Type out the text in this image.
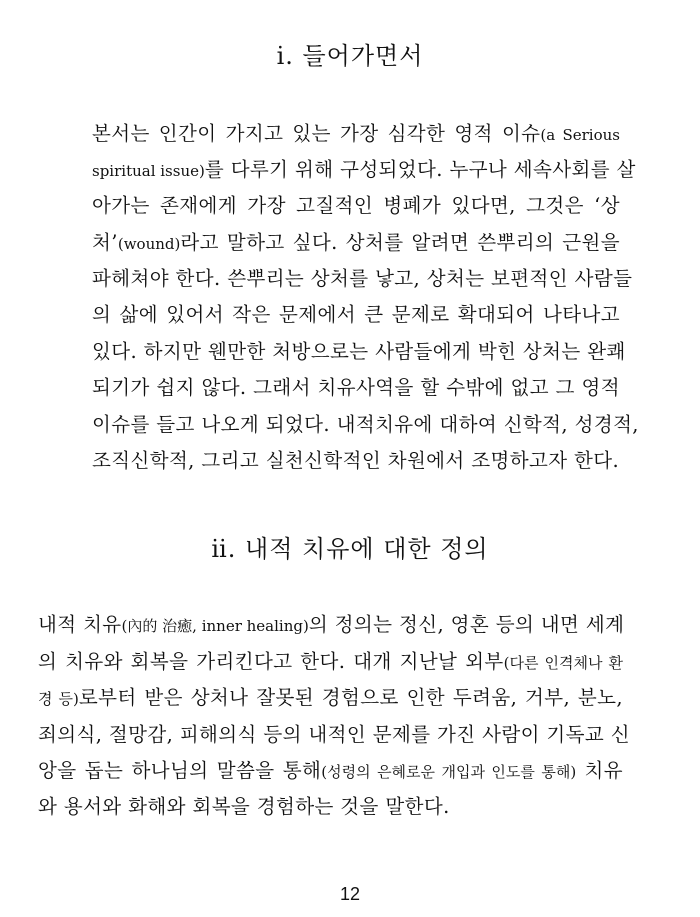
ⅰ. 들어가면서
본서는 인간이 가지고 있는 가장 심각한 영적 이슈(a Serious
spiritual issue)를 다루기 위해 구성되었다. 누구나 세속사회를 살
아가는 존재에게 가장 고질적인 병폐가 있다면, 그것은 ‘상
처’(wound)라고 말하고 싶다. 상처를 알려면 쓴뿌리의 근원을
파헤쳐야 한다. 쓴뿌리는 상처를 낳고, 상처는 보편적인 사람들
의 삶에 있어서 작은 문제에서 큰 문제로 확대되어 나타나고
있다. 하지만 웬만한 처방으로는 사람들에게 박힌 상처는 완쾌
되기가 쉽지 않다. 그래서 치유사역을 할 수밖에 없고 그 영적
이슈를 들고 나오게 되었다. 내적치유에 대하여 신학적, 성경적,
조직신학적, 그리고 실천신학적인 차원에서 조명하고자 한다.
ⅱ. 내적 치유에 대한 정의
내적 치유(內的 治癒, inner healing)의 정의는 정신, 영혼 등의 내면 세계
의 치유와 회복을 가리킨다고 한다. 대개 지난날 외부(다른 인격체나 환
경 등)로부터 받은 상처나 잘못된 경험으로 인한 두려움, 거부, 분노,
죄의식, 절망감, 피해의식 등의 내적인 문제를 가진 사람이 기독교 신
앙을 돕는 하나님의 말씀을 통해(성령의 은혜로운 개입과 인도를 통해) 치유
와 용서와 화해와 회복을 경험하는 것을 말한다.
12
